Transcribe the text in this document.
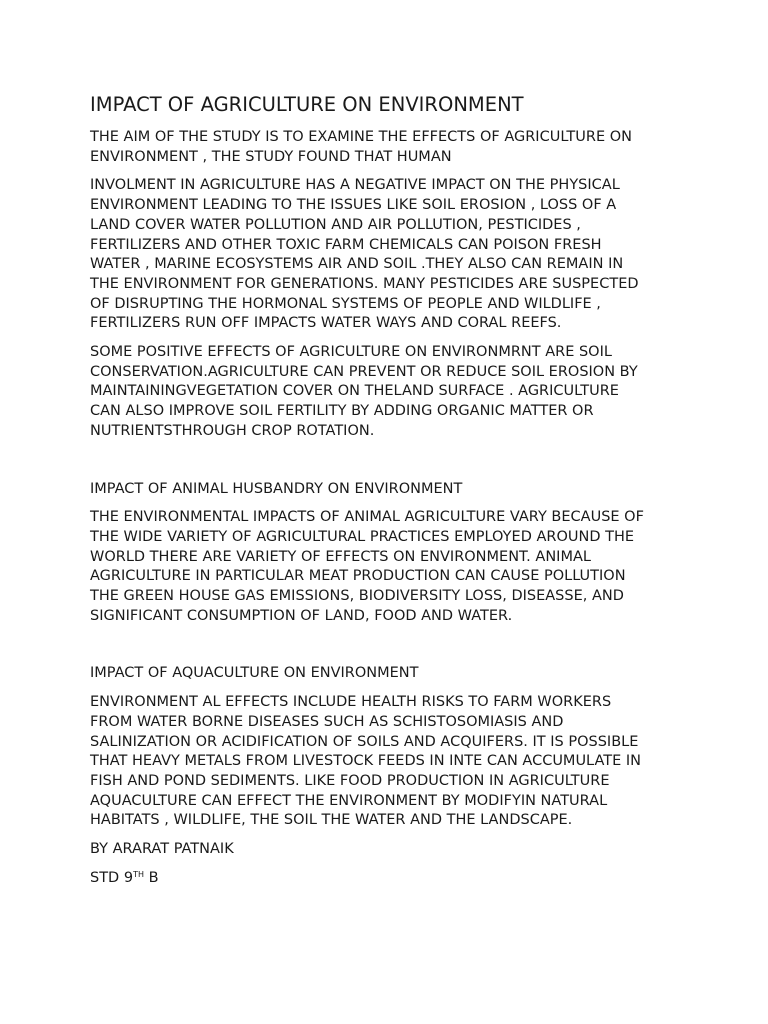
IMPACT OF AGRICULTURE ON ENVIRONMENT

THE AIM OF THE STUDY IS TO EXAMINE THE EFFECTS OF AGRICULTURE ON
ENVIRONMENT , THE STUDY FOUND THAT HUMAN

INVOLMENT IN AGRICULTURE HAS A NEGATIVE IMPACT ON THE PHYSICAL
ENVIRONMENT LEADING TO THE ISSUES LIKE SOIL EROSION , LOSS OF A
LAND COVER WATER POLLUTION AND AIR POLLUTION, PESTICIDES ,
FERTILIZERS AND OTHER TOXIC FARM CHEMICALS CAN POISON FRESH
WATER , MARINE ECOSYSTEMS AIR AND SOIL .THEY ALSO CAN REMAIN IN
THE ENVIRONMENT FOR GENERATIONS. MANY PESTICIDES ARE SUSPECTED
OF DISRUPTING THE HORMONAL SYSTEMS OF PEOPLE AND WILDLIFE ,
FERTILIZERS RUN OFF IMPACTS WATER WAYS AND CORAL REEFS.

SOME POSITIVE EFFECTS OF AGRICULTURE ON ENVIRONMRNT ARE SOIL
CONSERVATION.AGRICULTURE CAN PREVENT OR REDUCE SOIL EROSION BY
MAINTAININGVEGETATION COVER ON THELAND SURFACE . AGRICULTURE
CAN ALSO IMPROVE SOIL FERTILITY BY ADDING ORGANIC MATTER OR
NUTRIENTSTHROUGH CROP ROTATION.

IMPACT OF ANIMAL HUSBANDRY ON ENVIRONMENT

THE ENVIRONMENTAL IMPACTS OF ANIMAL AGRICULTURE VARY BECAUSE OF
THE WIDE VARIETY OF AGRICULTURAL PRACTICES EMPLOYED AROUND THE
WORLD THERE ARE VARIETY OF EFFECTS ON ENVIRONMENT. ANIMAL
AGRICULTURE IN PARTICULAR MEAT PRODUCTION CAN CAUSE POLLUTION
THE GREEN HOUSE GAS EMISSIONS, BIODIVERSITY LOSS, DISEASSE, AND
SIGNIFICANT CONSUMPTION OF LAND, FOOD AND WATER.

IMPACT OF AQUACULTURE ON ENVIRONMENT

ENVIRONMENT AL EFFECTS INCLUDE HEALTH RISKS TO FARM WORKERS
FROM WATER BORNE DISEASES SUCH AS SCHISTOSOMIASIS AND
SALINIZATION OR ACIDIFICATION OF SOILS AND ACQUIFERS. IT IS POSSIBLE
THAT HEAVY METALS FROM LIVESTOCK FEEDS IN INTE CAN ACCUMULATE IN
FISH AND POND SEDIMENTS. LIKE FOOD PRODUCTION IN AGRICULTURE
AQUACULTURE CAN EFFECT THE ENVIRONMENT BY MODIFYIN NATURAL
HABITATS , WILDLIFE, THE SOIL THE WATER AND THE LANDSCAPE.

BY ARARAT PATNAIK

STD 9TH B
